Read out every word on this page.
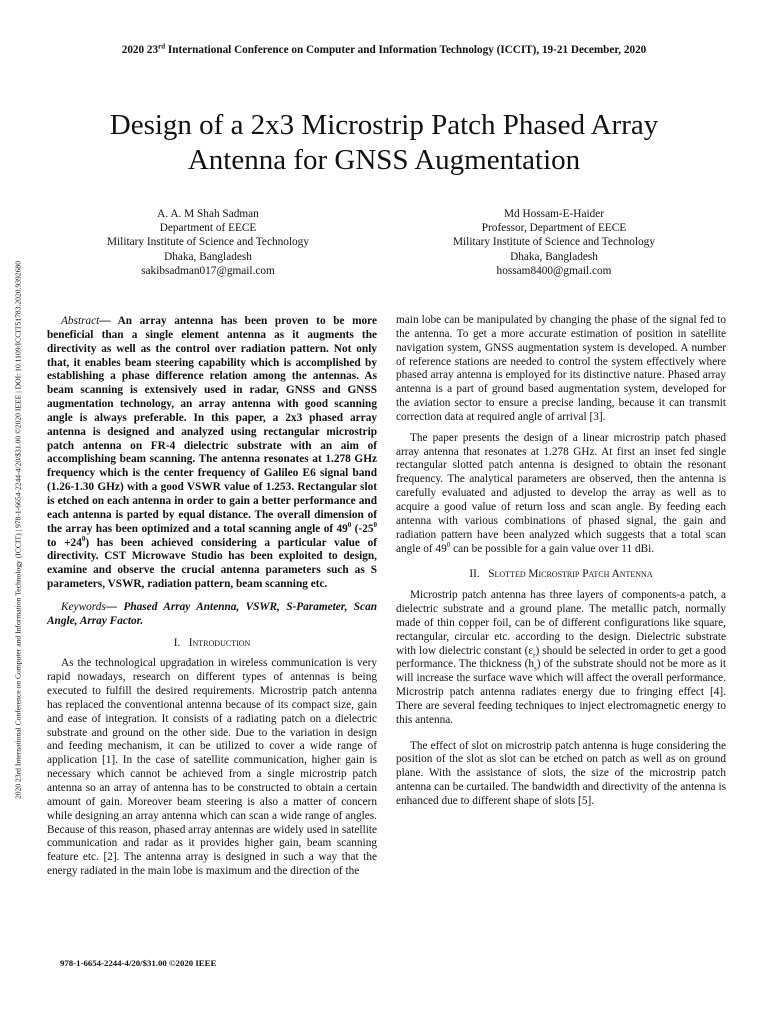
2020 23rd International Conference on Computer and Information Technology (ICCIT), 19-21 December, 2020
2020 23rd International Conference on Computer and Information Technology (ICCIT) | 978-1-6654-2244-4/20/$31.00 ©2020 IEEE | DOI: 10.1109/ICCIT51783.2020.9392680
Design of a 2x3 Microstrip Patch Phased Array
Antenna for GNSS Augmentation
A. A. M Shah Sadman
Department of EECE
Military Institute of Science and Technology
Dhaka, Bangladesh
sakibsadman017@gmail.com
Md Hossam-E-Haider
Professor, Department of EECE
Military Institute of Science and Technology
Dhaka, Bangladesh
hossam8400@gmail.com

Abstract— An array antenna has been proven to be more beneficial than a single element antenna as it augments the directivity as well as the control over radiation pattern. Not only that, it enables beam steering capability which is accomplished by establishing a phase difference relation among the antennas. As beam scanning is extensively used in radar, GNSS and GNSS augmentation technology, an array antenna with good scanning angle is always preferable. In this paper, a 2x3 phased array antenna is designed and analyzed using rectangular microstrip patch antenna on FR-4 dielectric substrate with an aim of accomplishing beam scanning. The antenna resonates at 1.278 GHz frequency which is the center frequency of Galileo E6 signal band (1.26-1.30 GHz) with a good VSWR value of 1.253. Rectangular slot is etched on each antenna in order to gain a better performance and each antenna is parted by equal distance. The overall dimension of the array has been optimized and a total scanning angle of $49^0$ ($-25^0$ to $+24^0$) has been achieved considering a particular value of directivity. CST Microwave Studio has been exploited to design, examine and observe the crucial antenna parameters such as S parameters, VSWR, radiation pattern, beam scanning etc.

Keywords— Phased Array Antenna, VSWR, S-Parameter, Scan Angle, Array Factor.

I. Introduction

As the technological upgradation in wireless communication is very rapid nowadays, research on different types of antennas is being executed to fulfill the desired requirements. Microstrip patch antenna has replaced the conventional antenna because of its compact size, gain and ease of integration. It consists of a radiating patch on a dielectric substrate and ground on the other side. Due to the variation in design and feeding mechanism, it can be utilized to cover a wide range of application [1]. In the case of satellite communication, higher gain is necessary which cannot be achieved from a single microstrip patch antenna so an array of antenna has to be constructed to obtain a certain amount of gain. Moreover beam steering is also a matter of concern while designing an array antenna which can scan a wide range of angles. Because of this reason, phased array antennas are widely used in satellite communication and radar as it provides higher gain, beam scanning feature etc. [2]. The antenna array is designed in such a way that the energy radiated in the main lobe is maximum and the direction of the

main lobe can be manipulated by changing the phase of the signal fed to the antenna. To get a more accurate estimation of position in satellite navigation system, GNSS augmentation system is developed. A number of reference stations are needed to control the system effectively where phased array antenna is employed for its distinctive nature. Phased array antenna is a part of ground based augmentation system, developed for the aviation sector to ensure a precise landing, because it can transmit correction data at required angle of arrival [3].

The paper presents the design of a linear microstrip patch phased array antenna that resonates at 1.278 GHz. At first an inset fed single rectangular slotted patch antenna is designed to obtain the resonant frequency. The analytical parameters are observed, then the antenna is carefully evaluated and adjusted to develop the array as well as to acquire a good value of return loss and scan angle. By feeding each antenna with various combinations of phased signal, the gain and radiation pattern have been analyzed which suggests that a total scan angle of $49^0$ can be possible for a gain value over 11 dBi.

II. Slotted Microstrip Patch Antenna

Microstrip patch antenna has three layers of components-a patch, a dielectric substrate and a ground plane. The metallic patch, normally made of thin copper foil, can be of different configurations like square, rectangular, circular etc. according to the design. Dielectric substrate with low dielectric constant $(\varepsilon_r)$ should be selected in order to get a good performance. The thickness $(h_s)$ of the substrate should not be more as it will increase the surface wave which will affect the overall performance. Microstrip patch antenna radiates energy due to fringing effect [4]. There are several feeding techniques to inject electromagnetic energy to this antenna.

The effect of slot on microstrip patch antenna is huge considering the position of the slot as slot can be etched on patch as well as on ground plane. With the assistance of slots, the size of the microstrip patch antenna can be curtailed. The bandwidth and directivity of the antenna is enhanced due to different shape of slots [5].

978-1-6654-2244-4/20/$31.00 ©2020 IEEE
